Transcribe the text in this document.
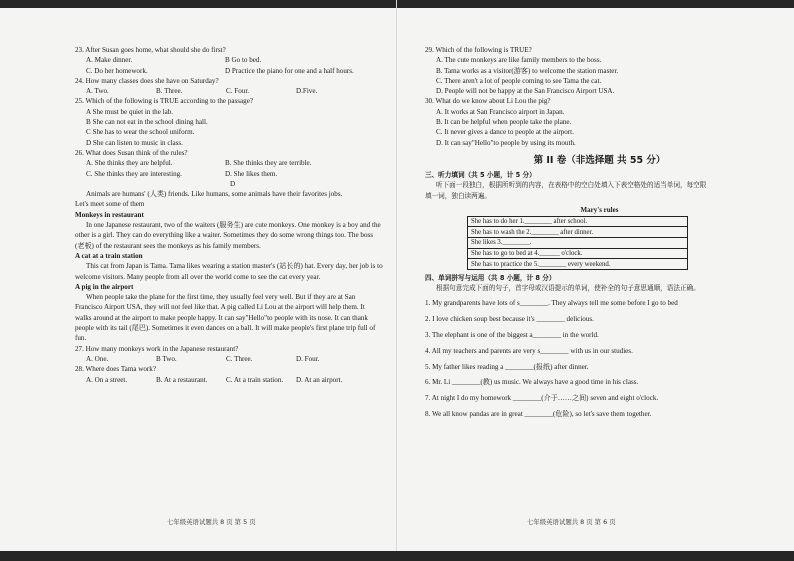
23. After Susan goes home, what should she do first?
A. Make dinner.	B Go to bed.
C. Do her homework.	D Practice the piano for one and a half hours.
24. How many classes does she have on Saturday?
A. Two.	B. Three.	C. Four.	D.Five.
25. Which of the following is TRUE according to the passage?
A She must be quiet in the lab.
B She can not eat in the school dining hall.
C She has to wear the school uniform.
D She can listen to music in class.
26. What does Susan think of the rules?
A. She thinks they are helpful.	B. She thinks they are terrible.
C. She thinks they are interesting.	D. She likes them.
D
Animals are humans' (人类) friends. Like humans, some animals have their favorites jobs.
Let's meet some of them
Monkeys in restaurant
In one Japanese restaurant, two of the waiters (服务生) are cute monkeys. One monkey is a boy and the other is a girl. They can do everything like a waiter. Sometimes they do some wrong things too. The boss (老板) of the restaurant sees the monkeys as his family members.
A cat at a train station
This cat from Japan is Tama. Tama likes wearing a station master's (站长的) hat. Every day, her job is to welcome visitors. Many people from all over the world come to see the cat every year.
A pig in the airport
When people take the plane for the first time, they usually feel very well. But if they are at San Francisco Airport USA, they will not feel like that. A pig called Li Lou at the airport will help them. It walks around at the airport to make people happy. It can say"Hello"to people with its nose. It can thank people with its tail (尾巴). Sometimes it even dances on a ball. It will make people's first plane trip full of fun.
27. How many monkeys work in the Japanese restaurant?
A. One.	B Two.	C. Three.	D. Four.
28. Where does Tama work?
A. On a street.	B. At a restaurant.	C. At a train station.	D. At an airport.
七年级英语试题共 8 页 第 5 页
29. Which of the following is TRUE?
A. The cute monkeys are like family members to the boss.
B. Tama works as a visitor(游客) to welcome the station master.
C. There aren't a lot of people coming to see Tama the cat.
D. People will not be happy at the San Francisco Airport USA.
30. What do we know about Li Lou the pig?
A. It works at San Francisco airport in Japan.
B. It can be helpful when people take the plane.
C. It never gives a dance to people at the airport.
D. It can say"Hello"to people by using its mouth.
第 II 卷（非选择题 共 55 分）
三、听力填词（共 5 小题，计 5 分）
听下面一段独白，根据所听到的内容，在表格中的空白处填入下表空格处的适当单词，每空限
填一词，独白读两遍。
Mary's rules
She has to do her 1.________ after school.
She has to wash the 2.________ after dinner.
She likes 3.________.
She has to go to bed at 4.______ o'clock.
She has to practice the 5.________ every weekend.
四、单词拼写与运用（共 8 小题，计 8 分）
根据句意完成下面的句子，首字母或汉语提示的单词，使补全的句子意思通顺，语法正确。
1. My grandparents have lots of s________. They always tell me some before I go to bed
2. I love chicken soup best because it's ________ delicious.
3. The elephant is one of the biggest a________ in the world.
4. All my teachers and parents are very s________ with us in our studies.
5. My father likes reading a ________(报纸) after dinner.
6. Mr. Li ________(教) us music. We always have a good time in his class.
7. At night I do my homework ________(介于……之间) seven and eight o'clock.
8. We all know pandas are in great ________(危险), so let's save them together.
七年级英语试题共 8 页 第 6 页
